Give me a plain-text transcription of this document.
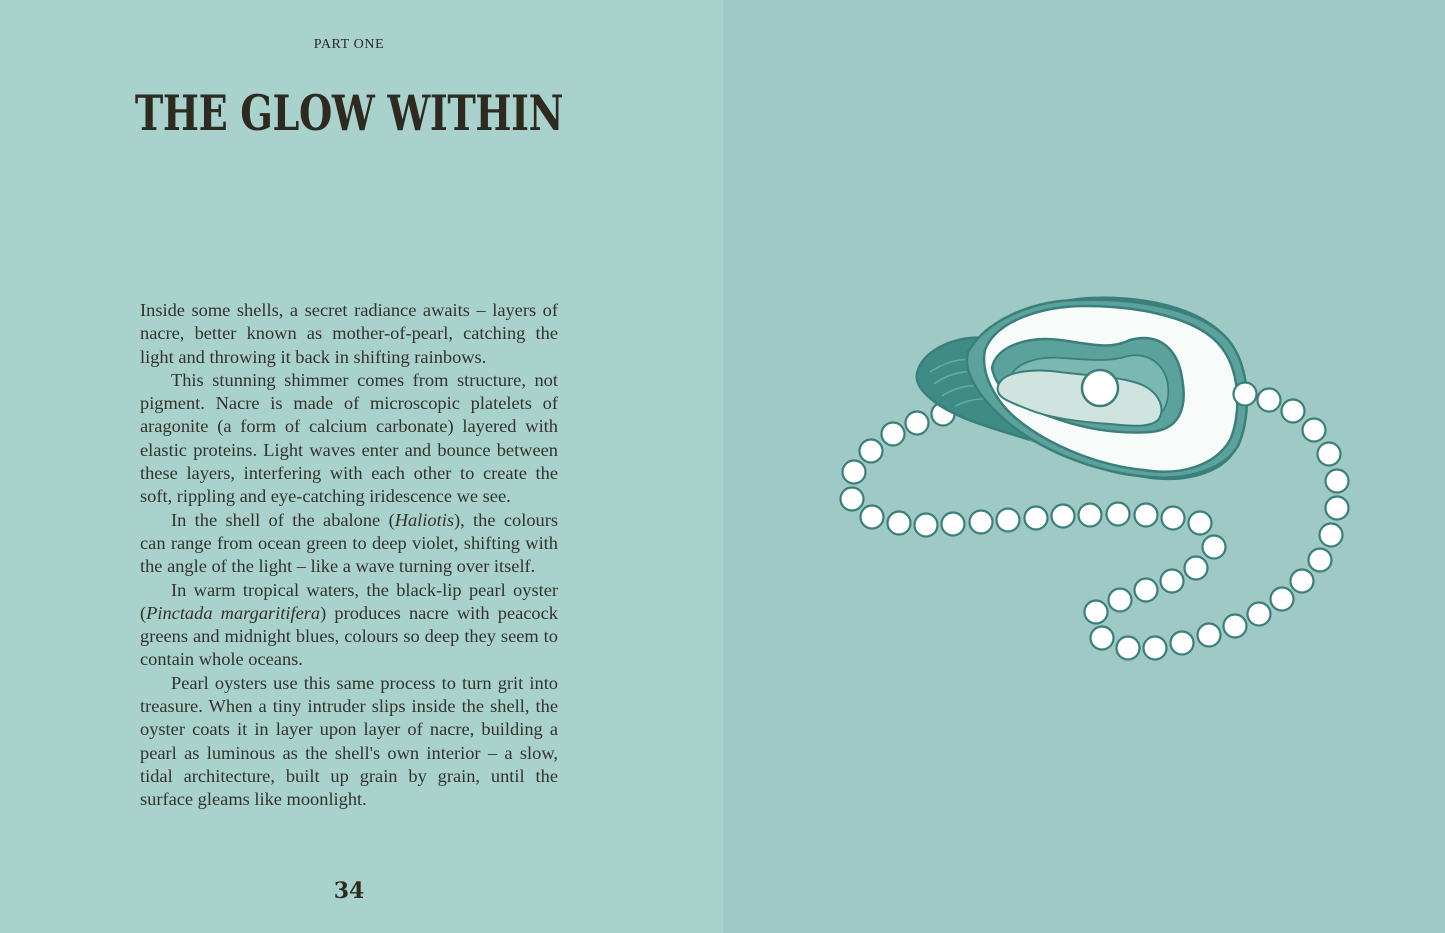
PART ONE
THE GLOW WITHIN

Inside some shells, a secret radiance awaits – layers of nacre, better known as mother-of-pearl, catching the light and throwing it back in shifting rainbows.

This stunning shimmer comes from structure, not pigment. Nacre is made of microscopic platelets of aragonite (a form of calcium carbonate) layered with elastic proteins. Light waves enter and bounce between these layers, interfering with each other to create the soft, rippling and eye-catching iridescence we see.

In the shell of the abalone (Haliotis), the colours can range from ocean green to deep violet, shifting with the angle of the light – like a wave turning over itself.

In warm tropical waters, the black-lip pearl oyster (Pinctada margaritifera) produces nacre with peacock greens and midnight blues, colours so deep they seem to contain whole oceans.

Pearl oysters use this same process to turn grit into treasure. When a tiny intruder slips inside the shell, the oyster coats it in layer upon layer of nacre, building a pearl as luminous as the shell's own interior – a slow, tidal architecture, built up grain by grain, until the surface gleams like moonlight.

34
